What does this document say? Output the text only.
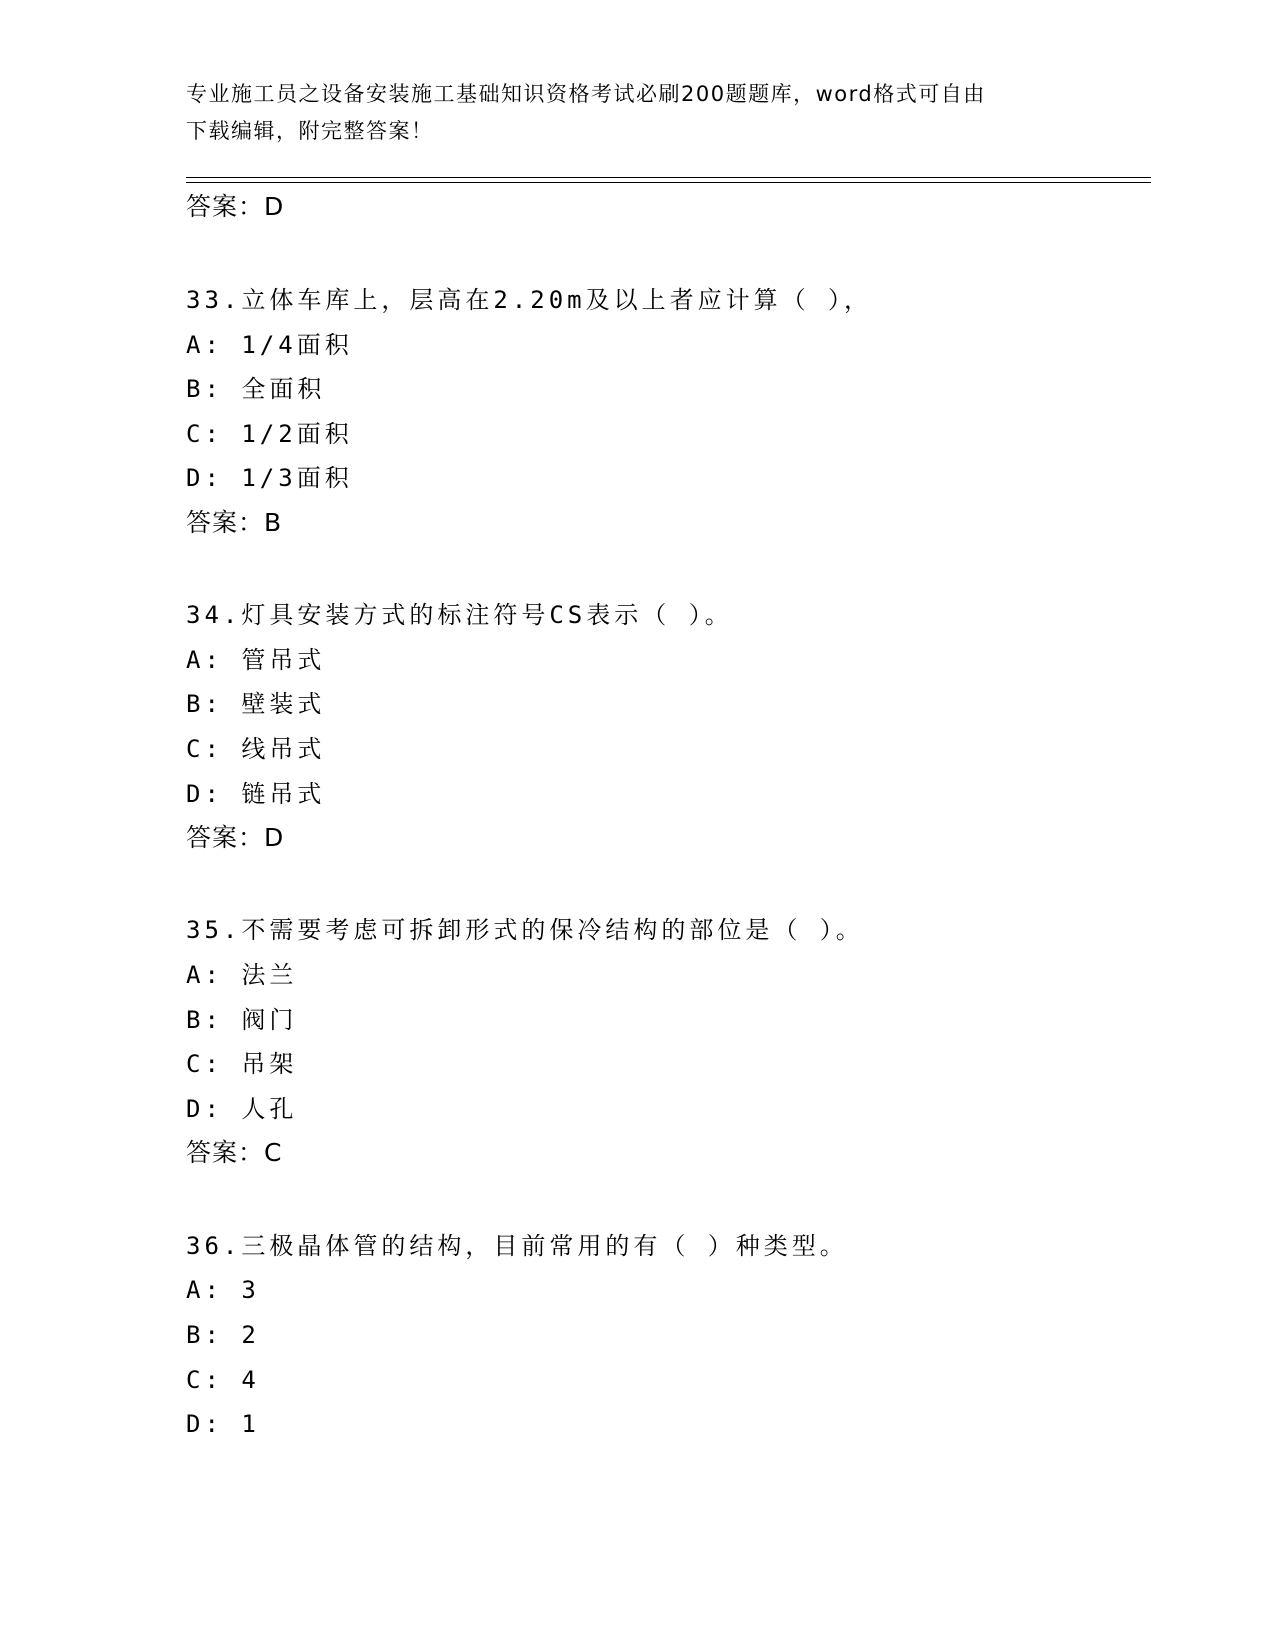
专业施工员之设备安装施工基础知识资格考试必刷200题题库，word格式可自由
下载编辑，附完整答案！
答案：D
33.立体车库上，层高在2.20m及以上者应计算（ ），
A: 1/4面积
B: 全面积
C: 1/2面积
D: 1/3面积
答案：B
34.灯具安装方式的标注符号CS表示（ ）。
A: 管吊式
B: 壁装式
C: 线吊式
D: 链吊式
答案：D
35.不需要考虑可拆卸形式的保冷结构的部位是（ ）。
A: 法兰
B: 阀门
C: 吊架
D: 人孔
答案：C
36.三极晶体管的结构，目前常用的有（ ）种类型。
A: 3
B: 2
C: 4
D: 1
